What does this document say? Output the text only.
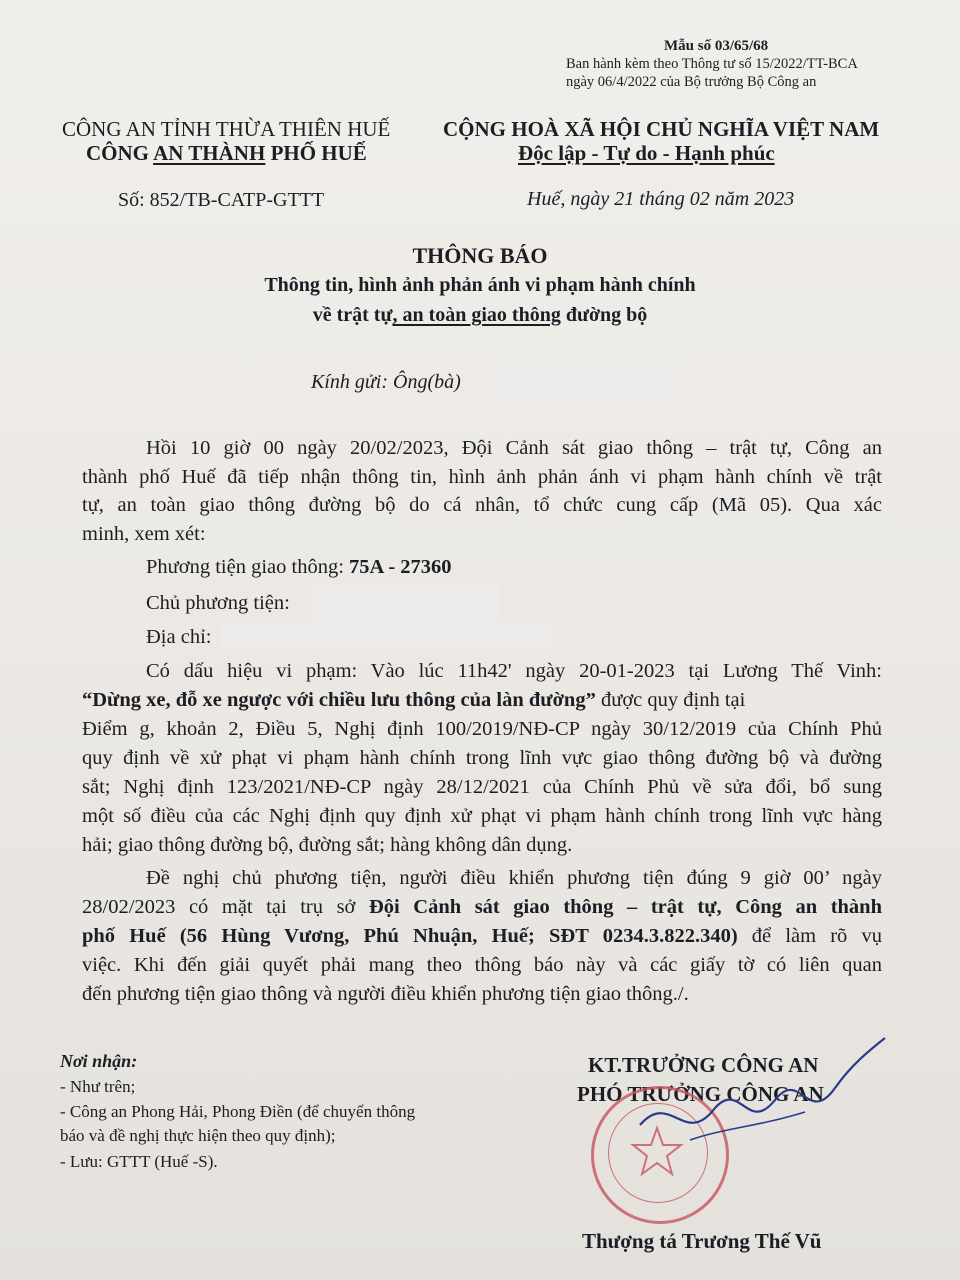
Mẫu số 03/65/68
Ban hành kèm theo Thông tư số 15/2022/TT-BCA
ngày 06/4/2022 của Bộ trưởng Bộ Công an
CÔNG AN TỈNH THỪA THIÊN HUẾ
CÔNG AN THÀNH PHỐ HUẾ
CỘNG HOÀ XÃ HỘI CHỦ NGHĨA VIỆT NAM
Độc lập - Tự do - Hạnh phúc
Số: 852/TB-CATP-GTTT	Huế, ngày 21 tháng 02 năm 2023
THÔNG BÁO
Thông tin, hình ảnh phản ánh vi phạm hành chính
về trật tự, an toàn giao thông đường bộ
Kính gửi: Ông(bà)
Hồi 10 giờ 00 ngày 20/02/2023, Đội Cảnh sát giao thông – trật tự, Công an
thành phố Huế đã tiếp nhận thông tin, hình ảnh phản ánh vi phạm hành chính về trật
tự, an toàn giao thông đường bộ do cá nhân, tổ chức cung cấp (Mã 05). Qua xác
minh, xem xét:
Phương tiện giao thông: 75A - 27360
Chủ phương tiện:
Địa chỉ:
Có dấu hiệu vi phạm: Vào lúc 11h42' ngày 20-01-2023 tại Lương Thế Vinh:
“Dừng xe, đỗ xe ngược với chiều lưu thông của làn đường” được quy định tại
Điểm g, khoản 2, Điều 5, Nghị định 100/2019/NĐ-CP ngày 30/12/2019 của Chính Phủ
quy định về xử phạt vi phạm hành chính trong lĩnh vực giao thông đường bộ và đường
sắt; Nghị định 123/2021/NĐ-CP ngày 28/12/2021 của Chính Phủ về sửa đổi, bổ sung
một số điều của các Nghị định quy định xử phạt vi phạm hành chính trong lĩnh vực hàng
hải; giao thông đường bộ, đường sắt; hàng không dân dụng.
Đề nghị chủ phương tiện, người điều khiển phương tiện đúng 9 giờ 00’ ngày
28/02/2023 có mặt tại trụ sở Đội Cảnh sát giao thông – trật tự, Công an thành
phố Huế (56 Hùng Vương, Phú Nhuận, Huế; SĐT 0234.3.822.340) để làm rõ vụ
việc. Khi đến giải quyết phải mang theo thông báo này và các giấy tờ có liên quan
đến phương tiện giao thông và người điều khiển phương tiện giao thông./.
Nơi nhận:
- Như trên;
- Công an Phong Hải, Phong Điền (để chuyển thông
báo và đề nghị thực hiện theo quy định);
- Lưu: GTTT (Huế -S).
KT.TRƯỞNG CÔNG AN
PHÓ TRƯỞNG CÔNG AN
Thượng tá Trương Thế Vũ
